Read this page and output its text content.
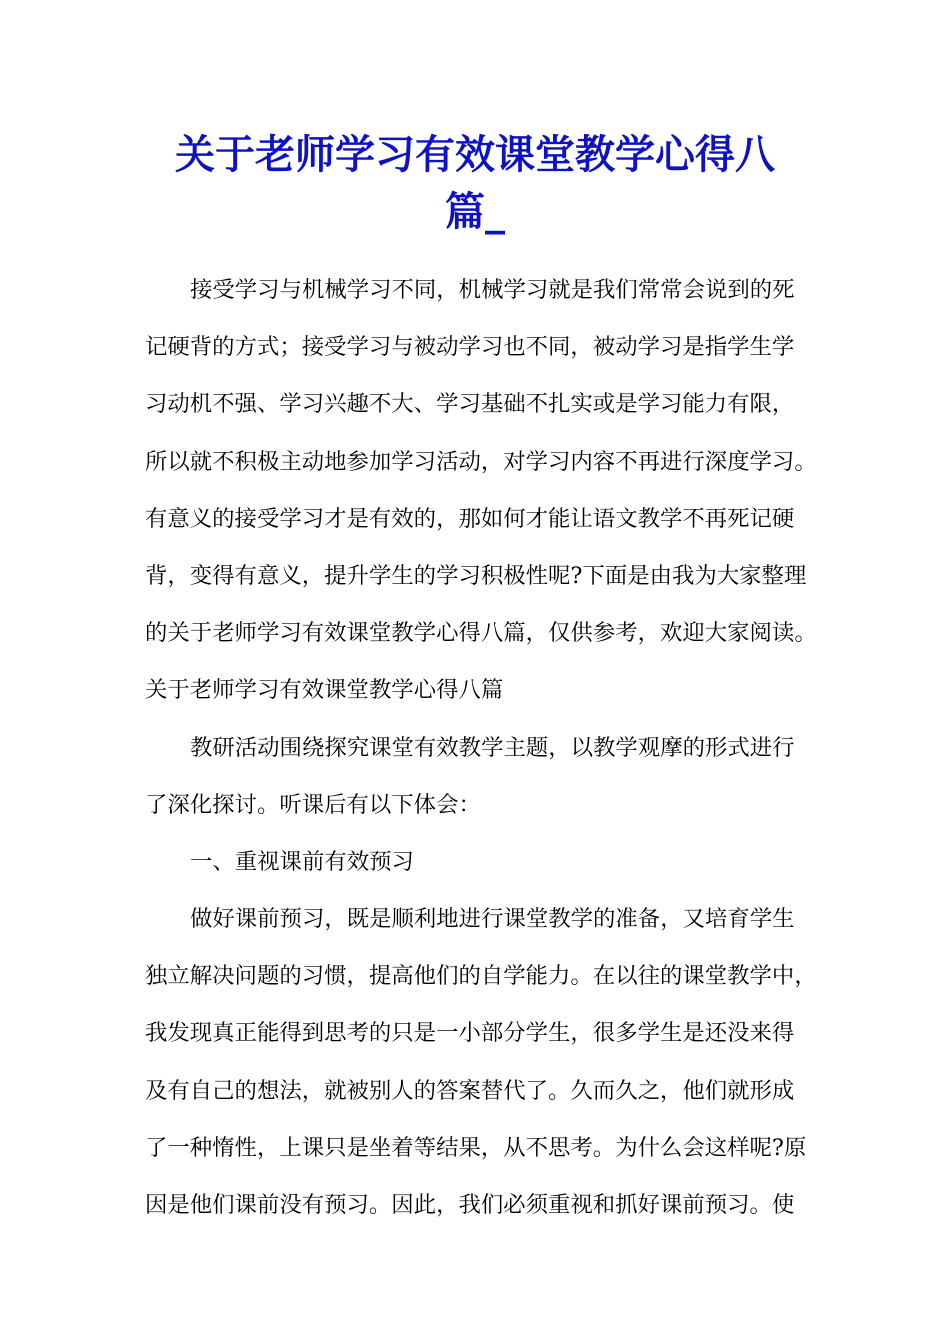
关于老师学习有效课堂教学心得八
篇_
接受学习与机械学习不同，机械学习就是我们常常会说到的死
记硬背的方式；接受学习与被动学习也不同，被动学习是指学生学
习动机不强、学习兴趣不大、学习基础不扎实或是学习能力有限，
所以就不积极主动地参加学习活动，对学习内容不再进行深度学习。
有意义的接受学习才是有效的，那如何才能让语文教学不再死记硬
背，变得有意义，提升学生的学习积极性呢?下面是由我为大家整理
的关于老师学习有效课堂教学心得八篇，仅供参考，欢迎大家阅读。
关于老师学习有效课堂教学心得八篇
教研活动围绕探究课堂有效教学主题，以教学观摩的形式进行
了深化探讨。听课后有以下体会：
一、重视课前有效预习
做好课前预习，既是顺利地进行课堂教学的准备，又培育学生
独立解决问题的习惯，提高他们的自学能力。在以往的课堂教学中，
我发现真正能得到思考的只是一小部分学生，很多学生是还没来得
及有自己的想法，就被别人的答案替代了。久而久之，他们就形成
了一种惰性，上课只是坐着等结果，从不思考。为什么会这样呢?原
因是他们课前没有预习。因此，我们必须重视和抓好课前预习。使
